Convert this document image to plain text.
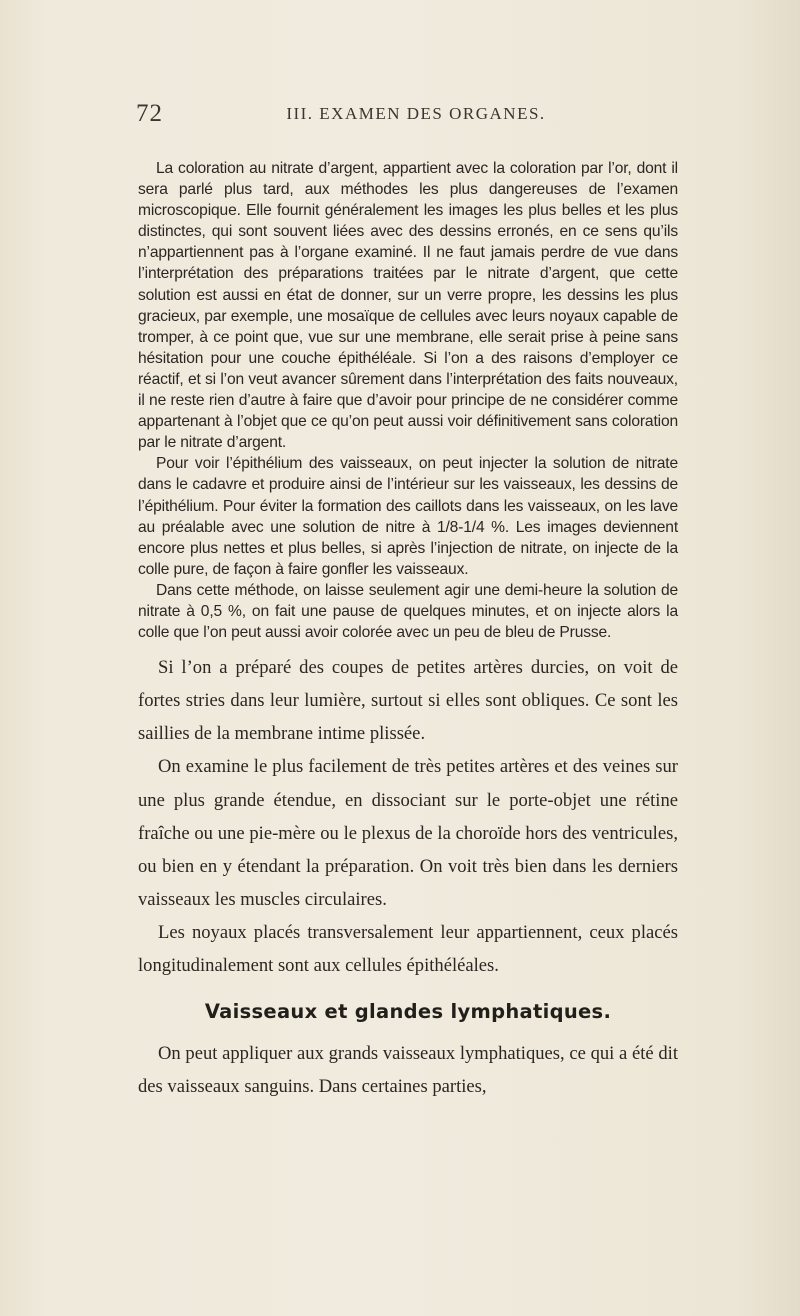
72	III. EXAMEN DES ORGANES.

La coloration au nitrate d’argent, appartient avec la coloration par l’or, dont il sera parlé plus tard, aux méthodes les plus dangereuses de l’examen microscopique. Elle fournit généralement les images les plus belles et les plus distinctes, qui sont souvent liées avec des dessins erronés, en ce sens qu’ils n’appartiennent pas à l’organe examiné. Il ne faut jamais perdre de vue dans l’interprétation des préparations traitées par le nitrate d’argent, que cette solution est aussi en état de donner, sur un verre propre, les dessins les plus gracieux, par exemple, une mosaïque de cellules avec leurs noyaux capable de tromper, à ce point que, vue sur une membrane, elle serait prise à peine sans hésitation pour une couche épithéléale. Si l’on a des raisons d’employer ce réactif, et si l’on veut avancer sûrement dans l’interprétation des faits nouveaux, il ne reste rien d’autre à faire que d’avoir pour principe de ne considérer comme appartenant à l’objet que ce qu’on peut aussi voir définitivement sans coloration par le nitrate d’argent.

Pour voir l’épithélium des vaisseaux, on peut injecter la solution de nitrate dans le cadavre et produire ainsi de l’intérieur sur les vaisseaux, les dessins de l’épithélium. Pour éviter la formation des caillots dans les vaisseaux, on les lave au préalable avec une solution de nitre à 1/8-1/4 %. Les images deviennent encore plus nettes et plus belles, si après l’injection de nitrate, on injecte de la colle pure, de façon à faire gonfler les vaisseaux.

Dans cette méthode, on laisse seulement agir une demi-heure la solution de nitrate à 0,5 %, on fait une pause de quelques minutes, et on injecte alors la colle que l’on peut aussi avoir colorée avec un peu de bleu de Prusse.

Si l’on a préparé des coupes de petites artères durcies, on voit de fortes stries dans leur lumière, surtout si elles sont obliques. Ce sont les saillies de la membrane intime plissée.

On examine le plus facilement de très petites artères et des veines sur une plus grande étendue, en dissociant sur le porte-objet une rétine fraîche ou une pie-mère ou le plexus de la choroïde hors des ventricules, ou bien en y étendant la préparation. On voit très bien dans les derniers vaisseaux les muscles circulaires.

Les noyaux placés transversalement leur appartiennent, ceux placés longitudinalement sont aux cellules épithéléales.

Vaisseaux et glandes lymphatiques.

On peut appliquer aux grands vaisseaux lymphatiques, ce qui a été dit des vaisseaux sanguins. Dans certaines parties,
